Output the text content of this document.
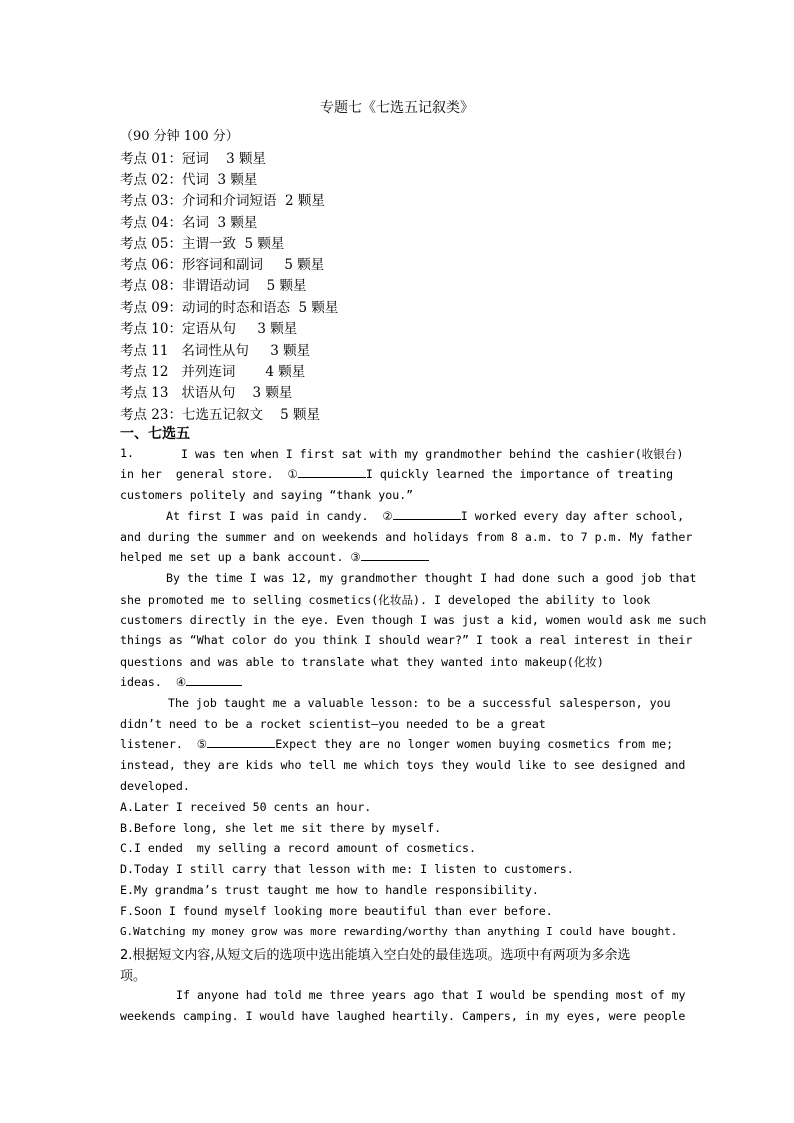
专题七《七选五记叙类》
（90 分钟 100 分）
考点 01：冠词    3 颗星
考点 02：代词  3 颗星
考点 03：介词和介词短语  2 颗星
考点 04：名词  3 颗星
考点 05：主谓一致  5 颗星
考点 06：形容词和副词     5 颗星
考点 08：非谓语动词    5 颗星
考点 09：动词的时态和语态  5 颗星
考点 10：定语从句     3 颗星
考点 11   名词性从句     3 颗星
考点 12   并列连词       4 颗星
考点 13   状语从句    3 颗星
考点 23：七选五记叙文    5 颗星
一、七选五
1.	I was ten when I first sat with my grandmother behind the cashier(收银台)
in her  general store.  ①	I quickly learned the importance of treating
customers politely and saying “thank you.”
At first I was paid in candy.  ②	I worked every day after school,
and during the summer and on weekends and holidays from 8 a.m. to 7 p.m. My father
helped me set up a bank account. ③
By the time I was 12, my grandmother thought I had done such a good job that
she promoted me to selling cosmetics(化妆品). I developed the ability to look
customers directly in the eye. Even though I was just a kid, women would ask me such
things as “What color do you think I should wear?” I took a real interest in their
questions and was able to translate what they wanted into makeup(化妆)
ideas.  ④
The job taught me a valuable lesson: to be a successful salesperson, you
didn’t need to be a rocket scientist—you needed to be a great
listener.  ⑤	Expect they are no longer women buying cosmetics from me;
instead, they are kids who tell me which toys they would like to see designed and
developed.
A.Later I received 50 cents an hour.
B.Before long, she let me sit there by myself.
C.I ended  my selling a record amount of cosmetics.
D.Today I still carry that lesson with me: I listen to customers.
E.My grandma’s trust taught me how to handle responsibility.
F.Soon I found myself looking more beautiful than ever before.
G.Watching my money grow was more rewarding/worthy than anything I could have bought.
2.根据短文内容,从短文后的选项中选出能填入空白处的最佳选项。选项中有两项为多余选
项。
If anyone had told me three years ago that I would be spending most of my
weekends camping. I would have laughed heartily. Campers, in my eyes, were people
